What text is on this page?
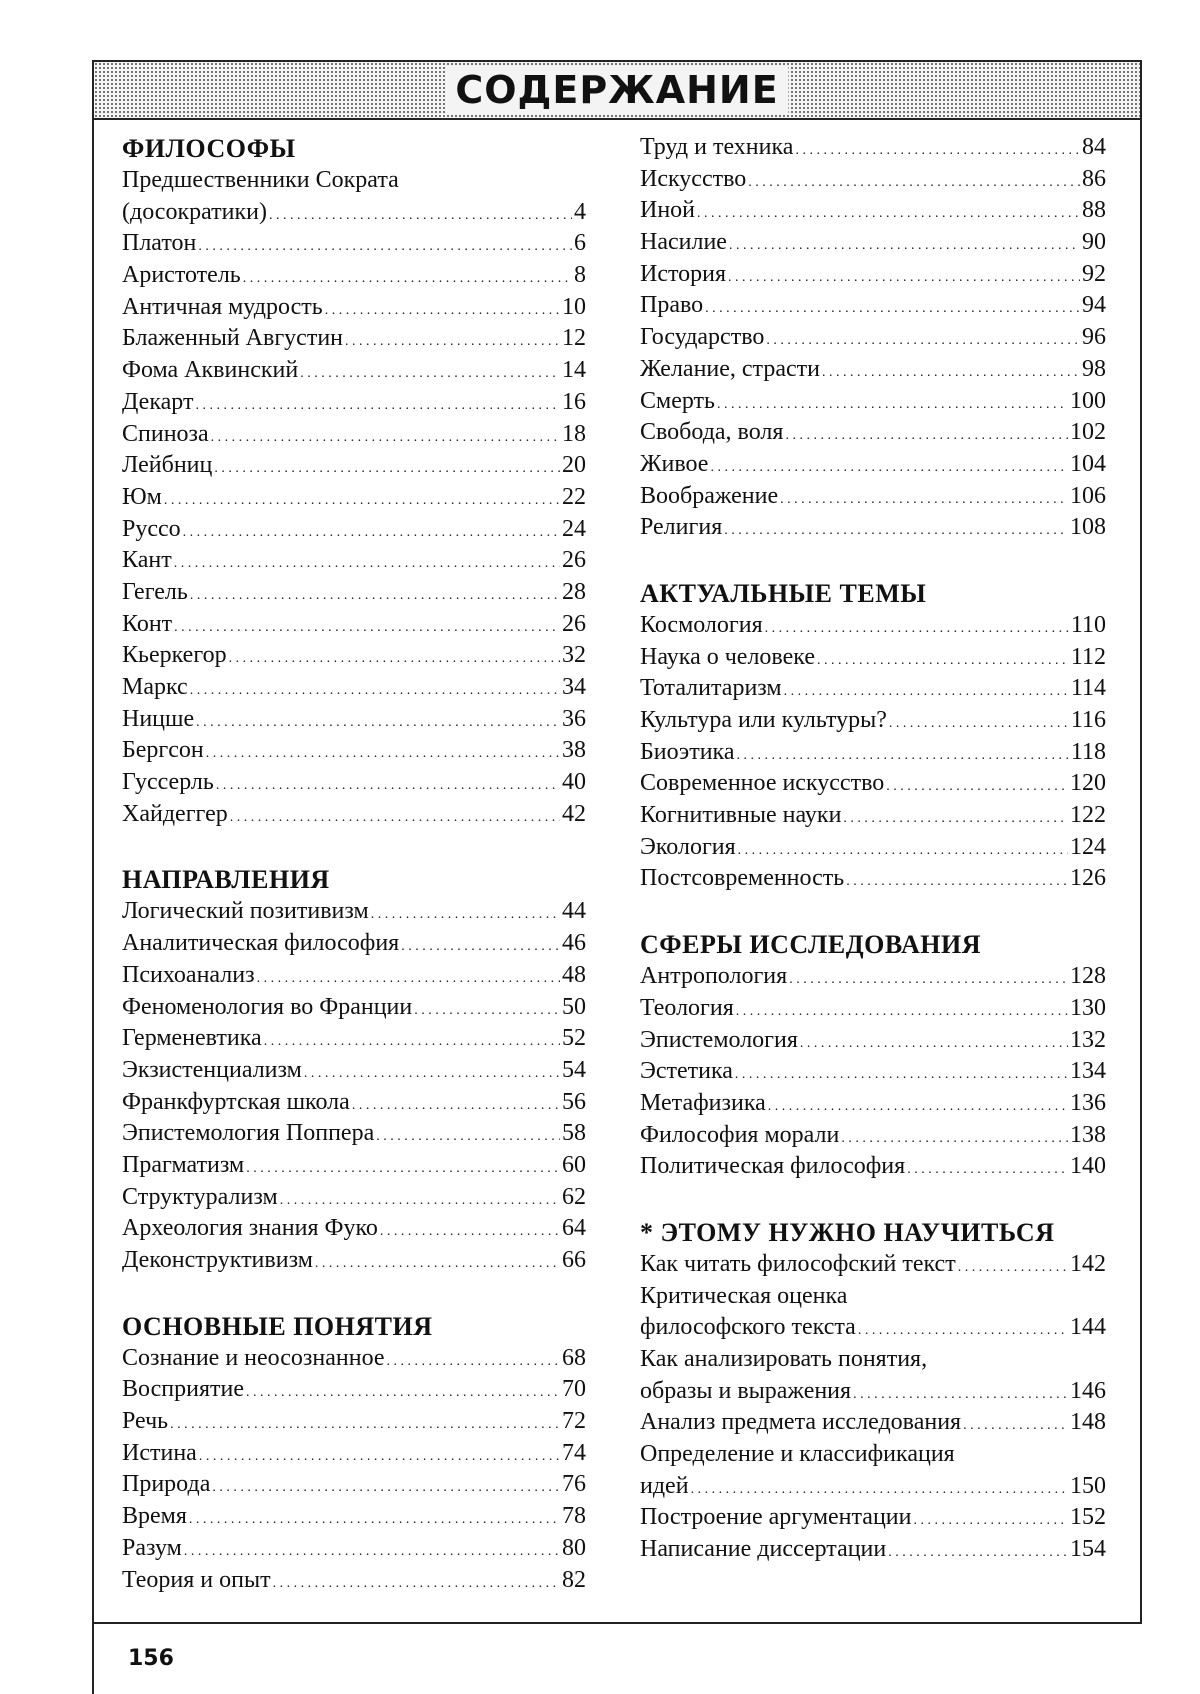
СОДЕРЖАНИЕ
ФИЛОСОФЫ
Предшественники Сократа
(досократики) . . .	4
Платон . . .	6
Аристотель . . .	8
Античная мудрость . . .	10
Блаженный Августин . . .	12
Фома Аквинский . . .	14
Декарт . . .	16
Спиноза . . .	18
Лейбниц . . .	20
Юм . . .	22
Руссо . . .	24
Кант . . .	26
Гегель . . .	28
Конт . . .	26
Кьеркегор . . .	32
Маркс . . .	34
Ницше . . .	36
Бергсон . . .	38
Гуссерль . . .	40
Хайдеггер . . .	42
НАПРАВЛЕНИЯ
Логический позитивизм . . .	44
Аналитическая философия . . .	46
Психоанализ . . .	48
Феноменология во Франции . . .	50
Герменевтика . . .	52
Экзистенциализм . . .	54
Франкфуртская школа . . .	56
Эпистемология Поппера . . .	58
Прагматизм . . .	60
Структурализм . . .	62
Археология знания Фуко . . .	64
Деконструктивизм . . .	66
ОСНОВНЫЕ ПОНЯТИЯ
Сознание и неосознанное . . .	68
Восприятие . . .	70
Речь . . .	72
Истина . . .	74
Природа . . .	76
Время . . .	78
Разум . . .	80
Теория и опыт . . .	82
Труд и техника . . .	84
Искусство . . .	86
Иной . . .	88
Насилие . . .	90
История . . .	92
Право . . .	94
Государство . . .	96
Желание, страсти . . .	98
Смерть . . .	100
Свобода, воля . . .	102
Живое . . .	104
Воображение . . .	106
Религия . . .	108
АКТУАЛЬНЫЕ ТЕМЫ
Космология . . .	110
Наука о человеке . . .	112
Тоталитаризм . . .	114
Культура или культуры? . . .	116
Биоэтика . . .	118
Современное искусство . . .	120
Когнитивные науки . . .	122
Экология . . .	124
Постсовременность . . .	126
СФЕРЫ ИССЛЕДОВАНИЯ
Антропология . . .	128
Теология . . .	130
Эпистемология . . .	132
Эстетика . . .	134
Метафизика . . .	136
Философия морали . . .	138
Политическая философия . . .	140
* ЭТОМУ НУЖНО НАУЧИТЬСЯ
Как читать философский текст . . .	142
Критическая оценка
философского текста . . .	144
Как анализировать понятия,
образы и выражения . . .	146
Анализ предмета исследования . . .	148
Определение и классификация
идей . . .	150
Построение аргументации . . .	152
Написание диссертации . . .	154
156
